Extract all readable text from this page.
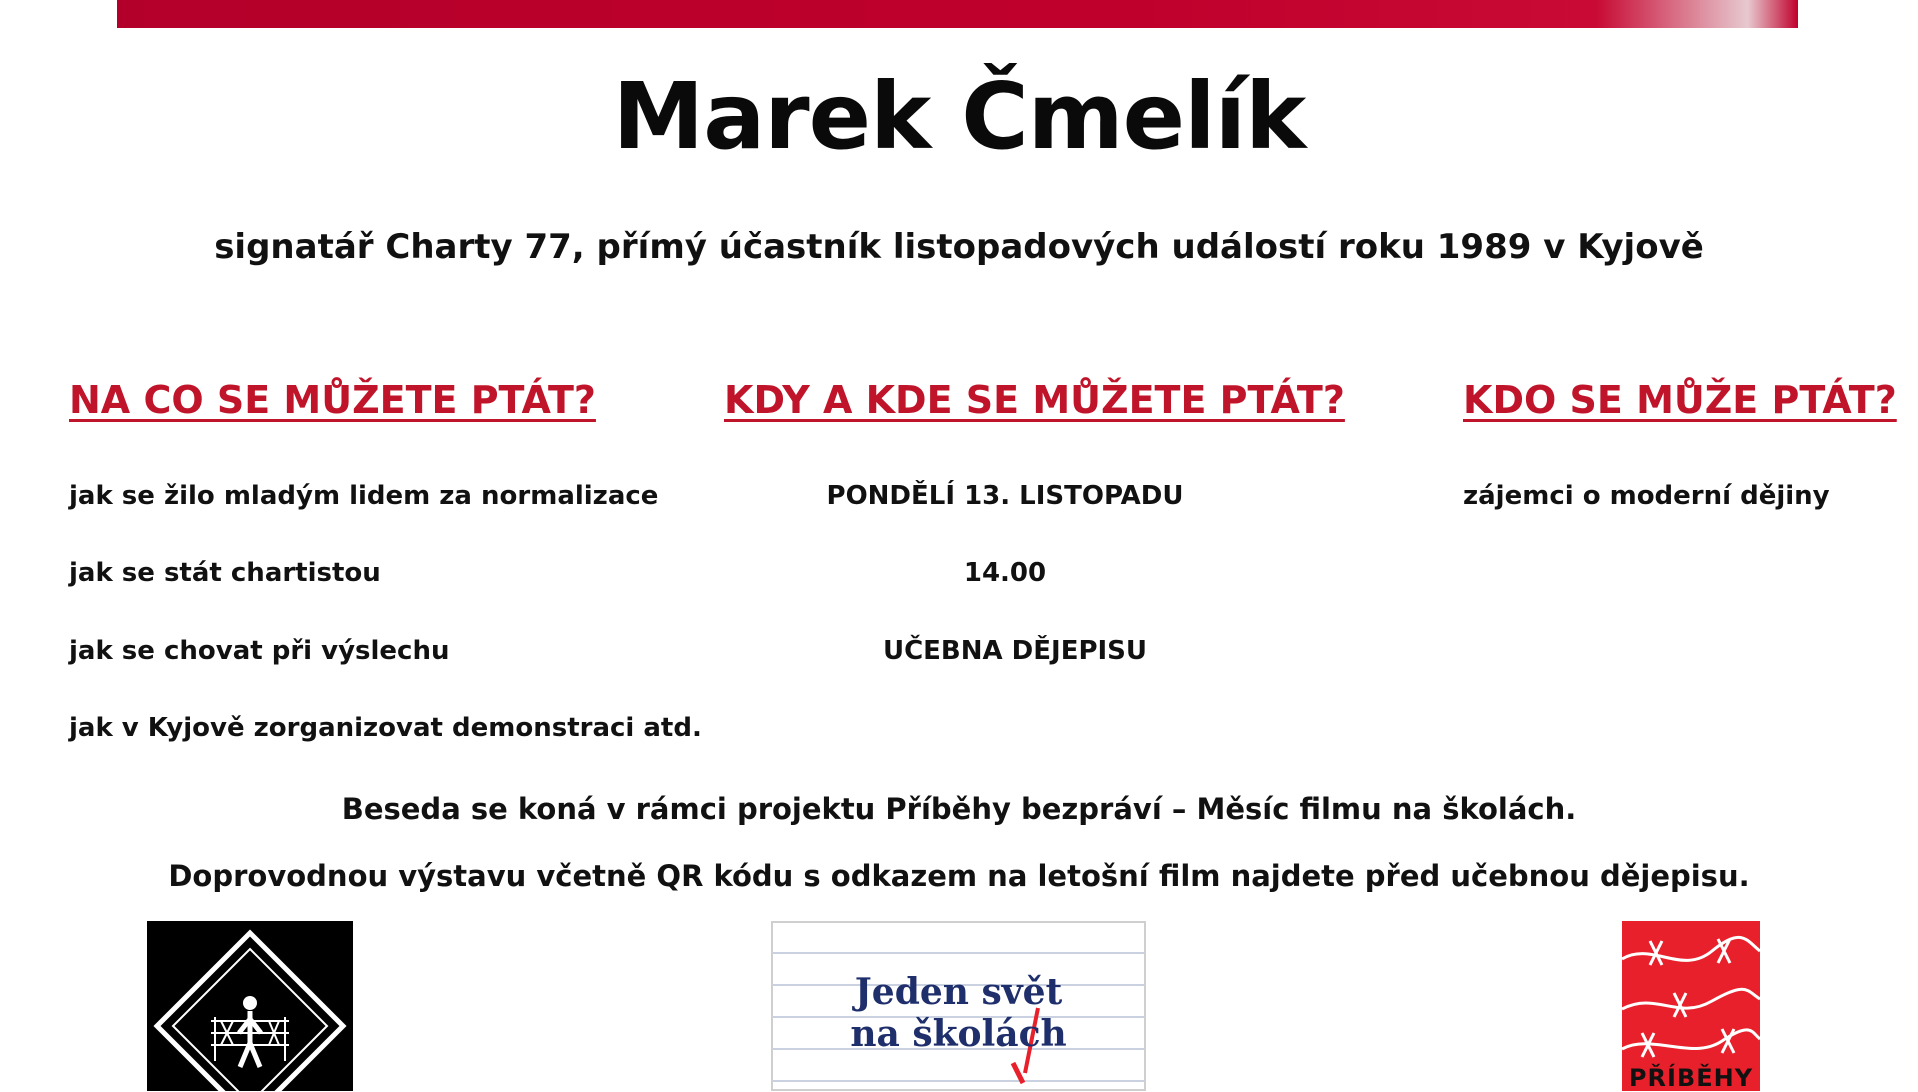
Marek Čmelík
signatář Charty 77, přímý účastník listopadových událostí roku 1989 v Kyjově
NA CO SE MŮŽETE PTÁT?	KDY A KDE SE MŮŽETE PTÁT?	KDO SE MŮŽE PTÁT?
jak se žilo mladým lidem za normalizace
jak se stát chartistou
jak se chovat při výslechu
jak v Kyjově zorganizovat demonstraci atd.
PONDĚLÍ 13. LISTOPADU
14.00
UČEBNA DĚJEPISU
zájemci o moderní dějiny
Beseda se koná v rámci projektu Příběhy bezpráví – Měsíc filmu na školách.
Doprovodnou výstavu včetně QR kódu s odkazem na letošní film najdete před učebnou dějepisu.
Jeden svět
na školách
PŘÍBĚHY
